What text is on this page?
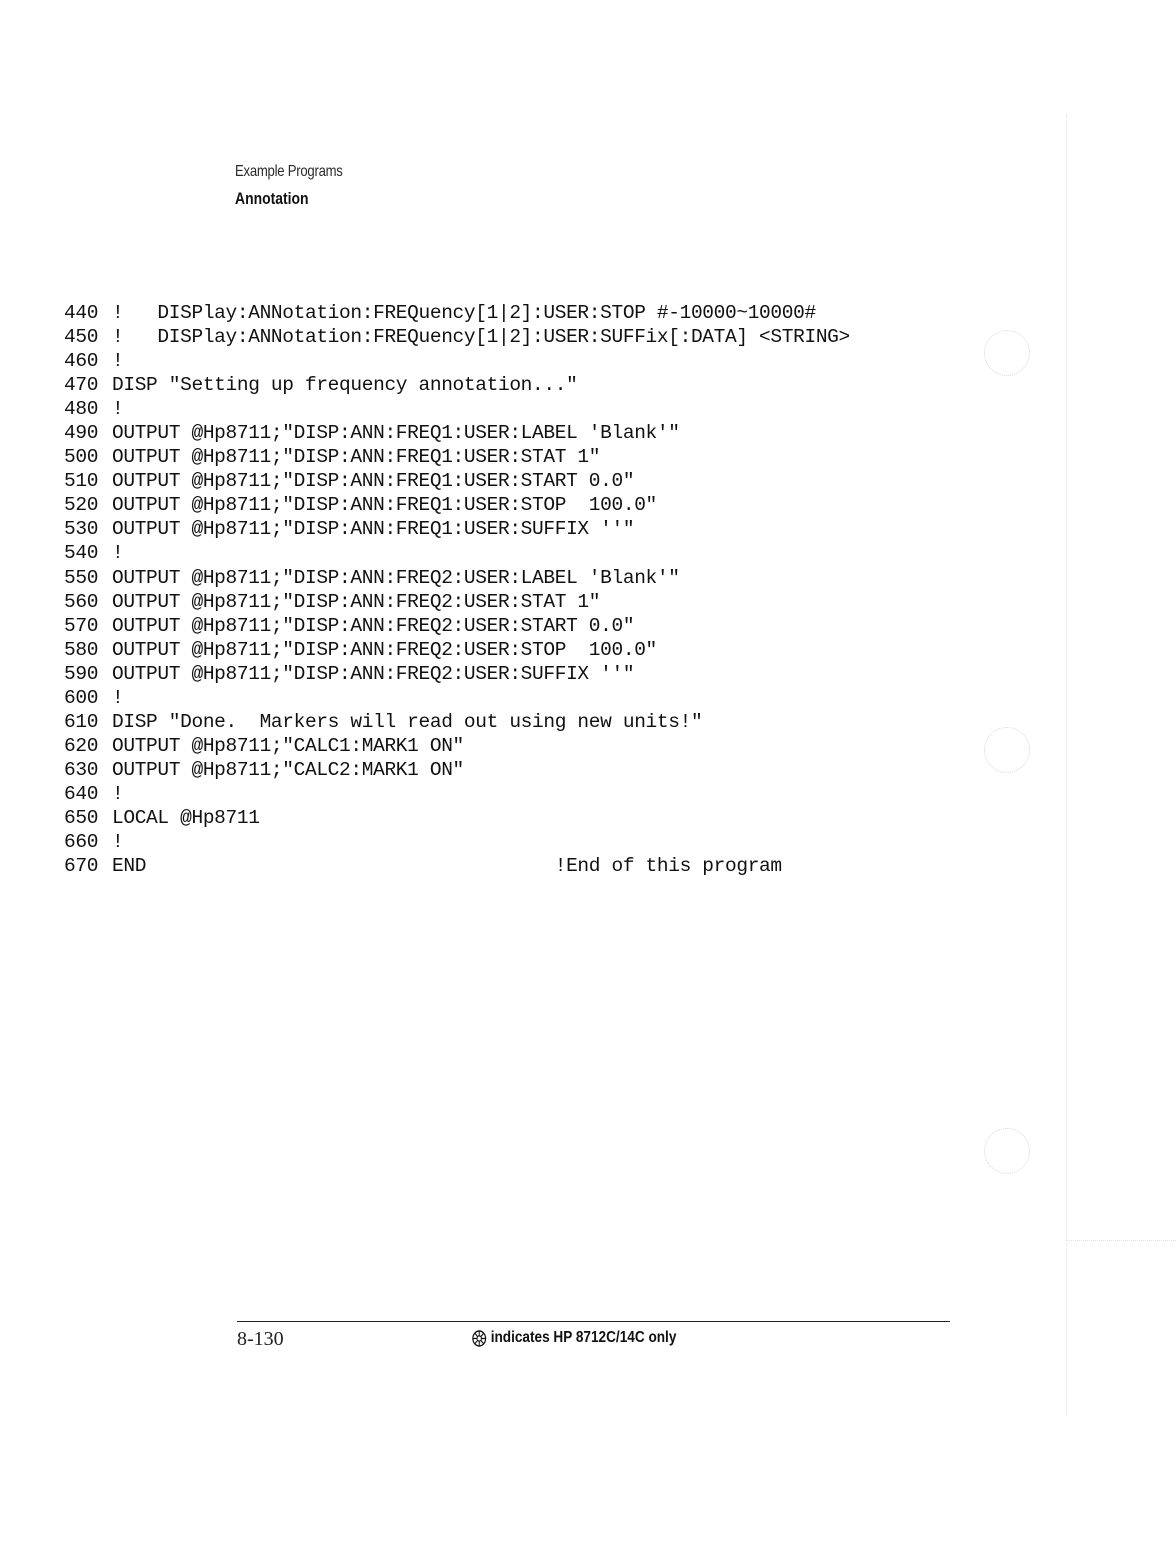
Example Programs
Annotation
440 !   DISPlay:ANNotation:FREQuency[1|2]:USER:STOP #-10000~10000#
450 !   DISPlay:ANNotation:FREQuency[1|2]:USER:SUFFix[:DATA] <STRING>
460 !
470 DISP "Setting up frequency annotation..."
480 !
490 OUTPUT @Hp8711;"DISP:ANN:FREQ1:USER:LABEL 'Blank'"
500 OUTPUT @Hp8711;"DISP:ANN:FREQ1:USER:STAT 1"
510 OUTPUT @Hp8711;"DISP:ANN:FREQ1:USER:START 0.0"
520 OUTPUT @Hp8711;"DISP:ANN:FREQ1:USER:STOP  100.0"
530 OUTPUT @Hp8711;"DISP:ANN:FREQ1:USER:SUFFIX ''"
540 !
550 OUTPUT @Hp8711;"DISP:ANN:FREQ2:USER:LABEL 'Blank'"
560 OUTPUT @Hp8711;"DISP:ANN:FREQ2:USER:STAT 1"
570 OUTPUT @Hp8711;"DISP:ANN:FREQ2:USER:START 0.0"
580 OUTPUT @Hp8711;"DISP:ANN:FREQ2:USER:STOP  100.0"
590 OUTPUT @Hp8711;"DISP:ANN:FREQ2:USER:SUFFIX ''"
600 !
610 DISP "Done.  Markers will read out using new units!"
620 OUTPUT @Hp8711;"CALC1:MARK1 ON"
630 OUTPUT @Hp8711;"CALC2:MARK1 ON"
640 !
650 LOCAL @Hp8711
660 !
670 END                                    !End of this program
8-130	indicates HP 8712C/14C only
